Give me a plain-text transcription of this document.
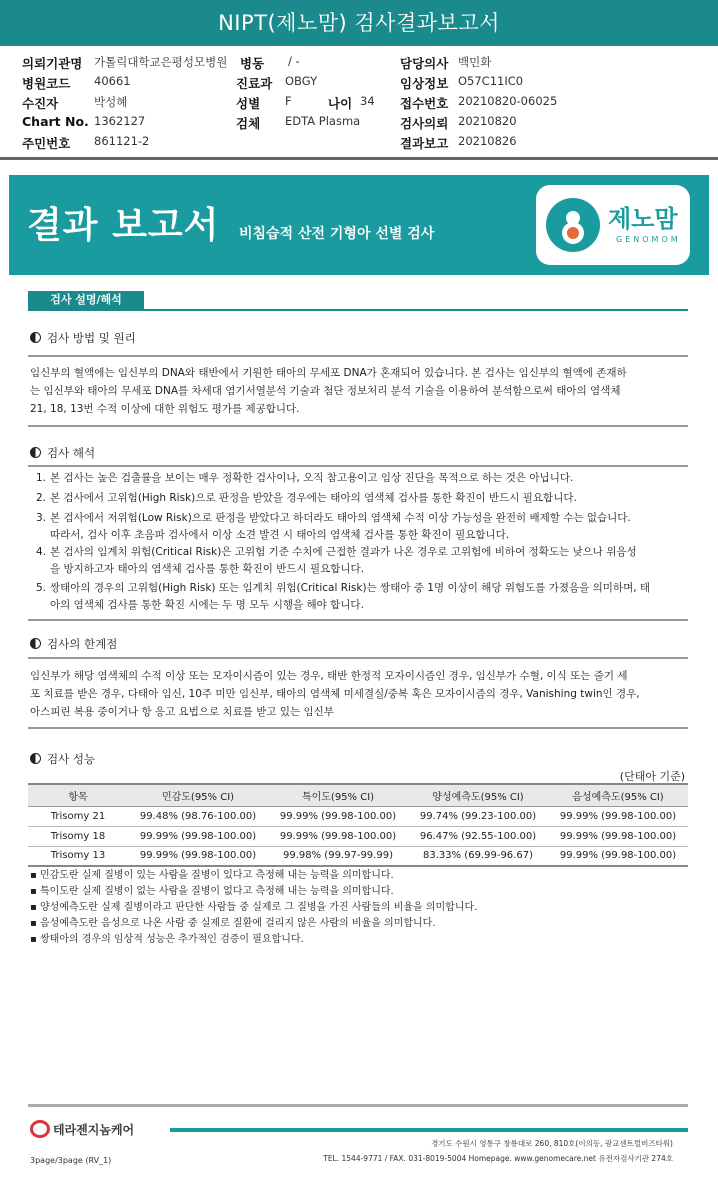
NIPT(제노맘) 검사결과보고서
의뢰기관명 가톨릭대학교은평성모병원 병동 / -	담당의사 백민화
병원코드 40661	진료과 OBGY	임상정보 O57C11IC0
수진자	박성혜	성별 F	나이 34 접수번호 20210820-06025
Chart No. 1362127	검체 EDTA Plasma	검사의뢰 20210820
주민번호 861121-2	결과보고 20210826
결과 보고서 비침습적 산전 기형아 선별 검사
제노맘
GENOMOM
검사 설명/해석
검사 방법 및 원리
임신부의 혈액에는 임신부의 DNA와 태반에서 기원한 태아의 무세포 DNA가 혼재되어 있습니다. 본 검사는 임신부의 혈액에 존재하
는 임신부와 태아의 무세포 DNA를 차세대 염기서열분석 기술과 첨단 정보처리 분석 기술을 이용하여 분석함으로써 태아의 염색체
21, 18, 13번 수적 이상에 대한 위험도 평가를 제공합니다.
검사 해석
1. 본 검사는 높은 검출률을 보이는 매우 정확한 검사이나, 오직 참고용이고 임상 진단을 목적으로 하는 것은 아닙니다.
2. 본 검사에서 고위험(High Risk)으로 판정을 받았을 경우에는 태아의 염색체 검사를 통한 확진이 반드시 필요합니다.
3. 본 검사에서 저위험(Low Risk)으로 판정을 받았다고 하더라도 태아의 염색체 수적 이상 가능성을 완전히 배제할 수는 없습니다.
따라서, 검사 이후 초음파 검사에서 이상 소견 발견 시 태아의 염색체 검사를 통한 확진이 필요합니다.
4. 본 검사의 임계치 위험(Critical Risk)은 고위험 기준 수치에 근접한 결과가 나온 경우로 고위험에 비하여 정확도는 낮으나 위음성
을 방지하고자 태아의 염색체 검사를 통한 확진이 반드시 필요합니다.
5. 쌍태아의 경우의 고위험(High Risk) 또는 임계치 위험(Critical Risk)는 쌍태아 중 1명 이상이 해당 위험도를 가졌음을 의미하며, 태
아의 염색체 검사를 통한 확진 시에는 두 명 모두 시행을 해야 합니다.
검사의 한계점
임신부가 해당 염색체의 수적 이상 또는 모자이시즘이 있는 경우, 태반 한정적 모자이시즘인 경우, 임신부가 수혈, 이식 또는 줄기 세
포 치료를 받은 경우, 다태아 임신, 10주 미만 임신부, 태아의 염색체 미세결실/중복 혹은 모자이시즘의 경우, Vanishing twin인 경우,
아스피린 복용 중이거나 항 응고 요법으로 치료를 받고 있는 임신부
검사 성능
(단태아 기준)
항목	민감도(95% CI)	특이도(95% CI)	양성예측도(95% CI)	음성예측도(95% CI)
Trisomy 21	99.48% (98.76-100.00)	99.99% (99.98-100.00)	99.74% (99.23-100.00)	99.99% (99.98-100.00)
Trisomy 18	99.99% (99.98-100.00)	99.99% (99.98-100.00)	96.47% (92.55-100.00)	99.99% (99.98-100.00)
Trisomy 13	99.99% (99.98-100.00)	99.98% (99.97-99.99)	83.33% (69.99-96.67)	99.99% (99.98-100.00)
▪ 민감도란 실제 질병이 있는 사람을 질병이 있다고 측정해 내는 능력을 의미합니다.
▪ 특이도란 실제 질병이 없는 사람을 질병이 없다고 측정해 내는 능력을 의미합니다.
▪ 양성예측도란 실제 질병이라고 판단한 사람들 중 실제로 그 질병을 가진 사람들의 비율을 의미합니다.
▪ 음성예측도란 음성으로 나온 사람 중 실제로 질환에 걸리지 않은 사람의 비율을 의미합니다.
▪ 쌍태아의 경우의 임상적 성능은 추가적인 검증이 필요합니다.
테라젠지놈케어
경기도 수원시 영통구 창룡대로 260, 810호(이의동, 광교센트럴비즈타워)
TEL. 1544-9771 / FAX. 031-8019-5004 Homepage. www.genomecare.net 유전자검사기관 274호
3page/3page (RV_1)
